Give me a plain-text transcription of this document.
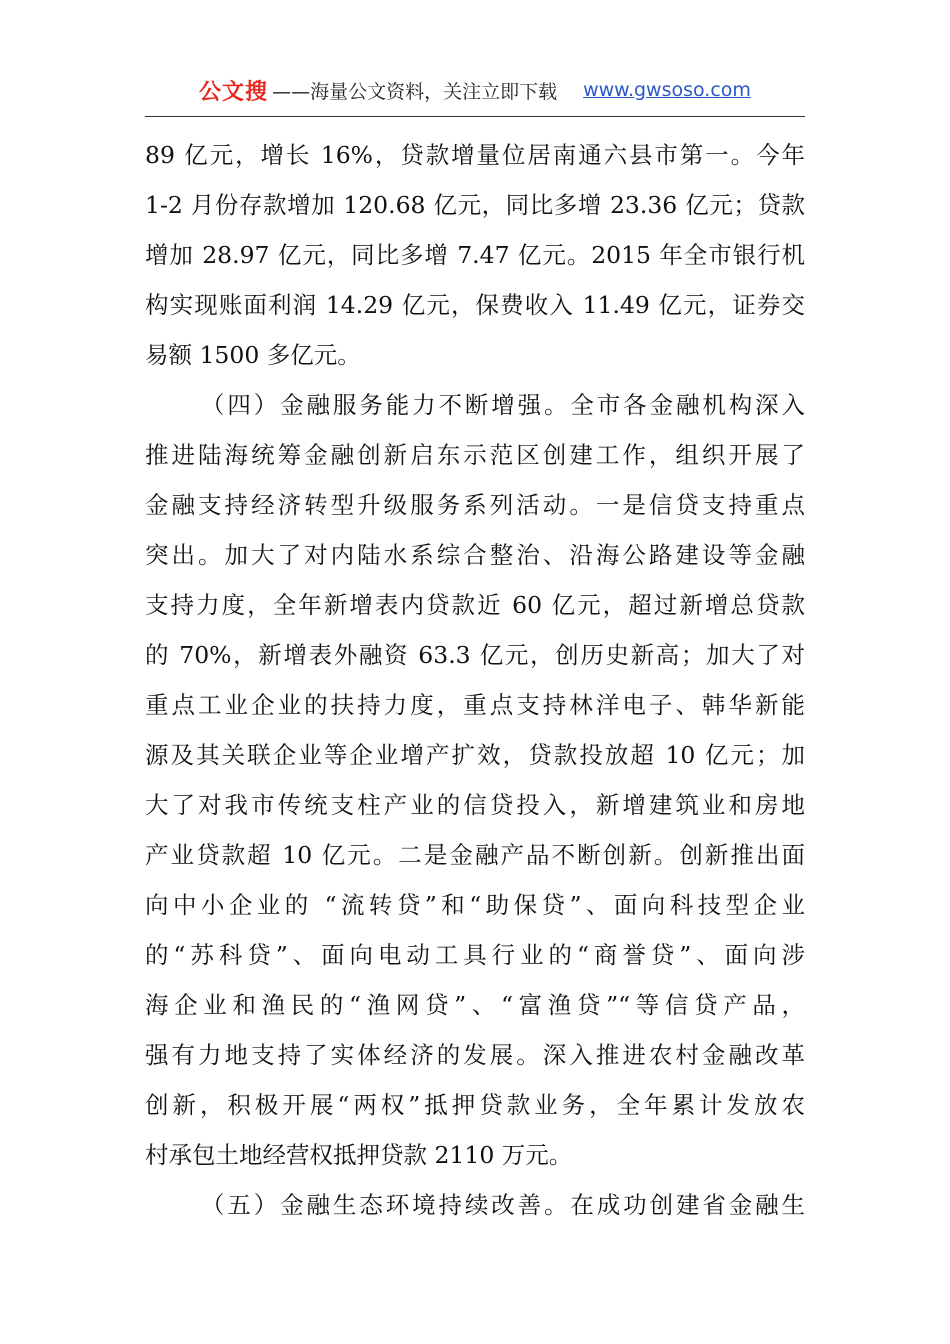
公文搜 ——海量公文资料，关注立即下载 www.gwsoso.com
89 亿元，增长 16%，贷款增量位居南通六县市第一。今年
1-2 月份存款增加 120.68 亿元，同比多增 23.36 亿元；贷款
增加 28.97 亿元，同比多增 7.47 亿元。2015 年全市银行机
构实现账面利润 14.29 亿元，保费收入 11.49 亿元，证券交
易额 1500 多亿元。
（四）金融服务能力不断增强。全市各金融机构深入
推进陆海统筹金融创新启东示范区创建工作，组织开展了
金融支持经济转型升级服务系列活动。一是信贷支持重点
突出。加大了对内陆水系综合整治、沿海公路建设等金融
支持力度，全年新增表内贷款近 60 亿元，超过新增总贷款
的 70%，新增表外融资 63.3 亿元，创历史新高；加大了对
重点工业企业的扶持力度，重点支持林洋电子、韩华新能
源及其关联企业等企业增产扩效，贷款投放超 10 亿元；加
大了对我市传统支柱产业的信贷投入，新增建筑业和房地
产业贷款超 10 亿元。二是金融产品不断创新。创新推出面
向中小企业的 “流转贷”和“助保贷”、面向科技型企业
的“苏科贷”、面向电动工具行业的“商誉贷”、面向涉
海企业和渔民的“渔网贷”、“富渔贷”“等信贷产品，
强有力地支持了实体经济的发展。深入推进农村金融改革
创新，积极开展“两权”抵押贷款业务，全年累计发放农
村承包土地经营权抵押贷款 2110 万元。
（五）金融生态环境持续改善。在成功创建省金融生
